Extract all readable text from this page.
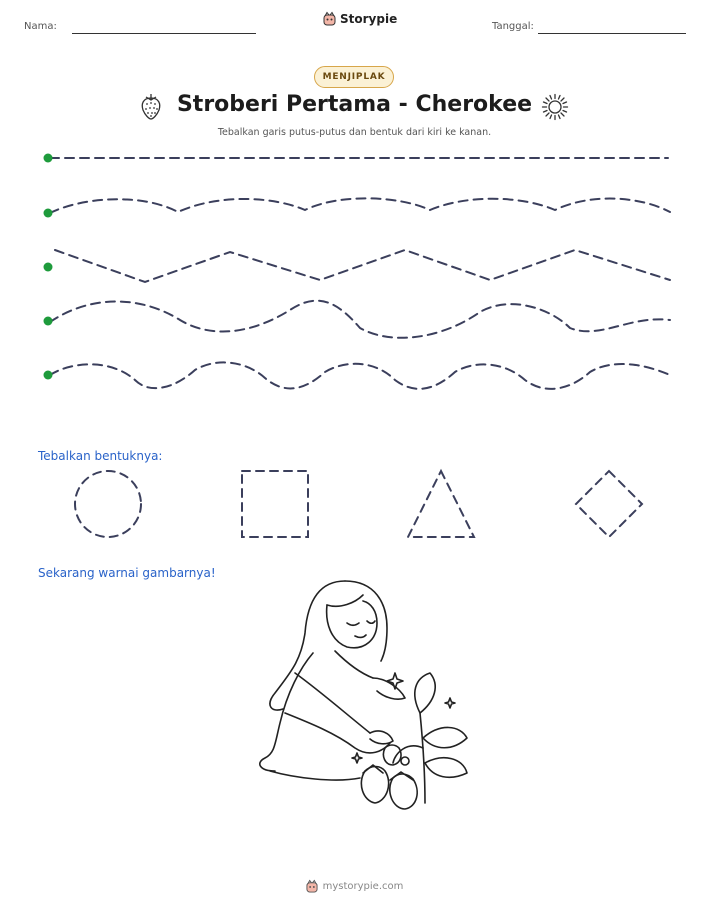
Nama:
Storypie
Tanggal:
MENJIPLAK
Stroberi Pertama - Cherokee
Tebalkan garis putus-putus dan bentuk dari kiri ke kanan.
Tebalkan bentuknya:
Sekarang warnai gambarnya!
mystorypie.com
